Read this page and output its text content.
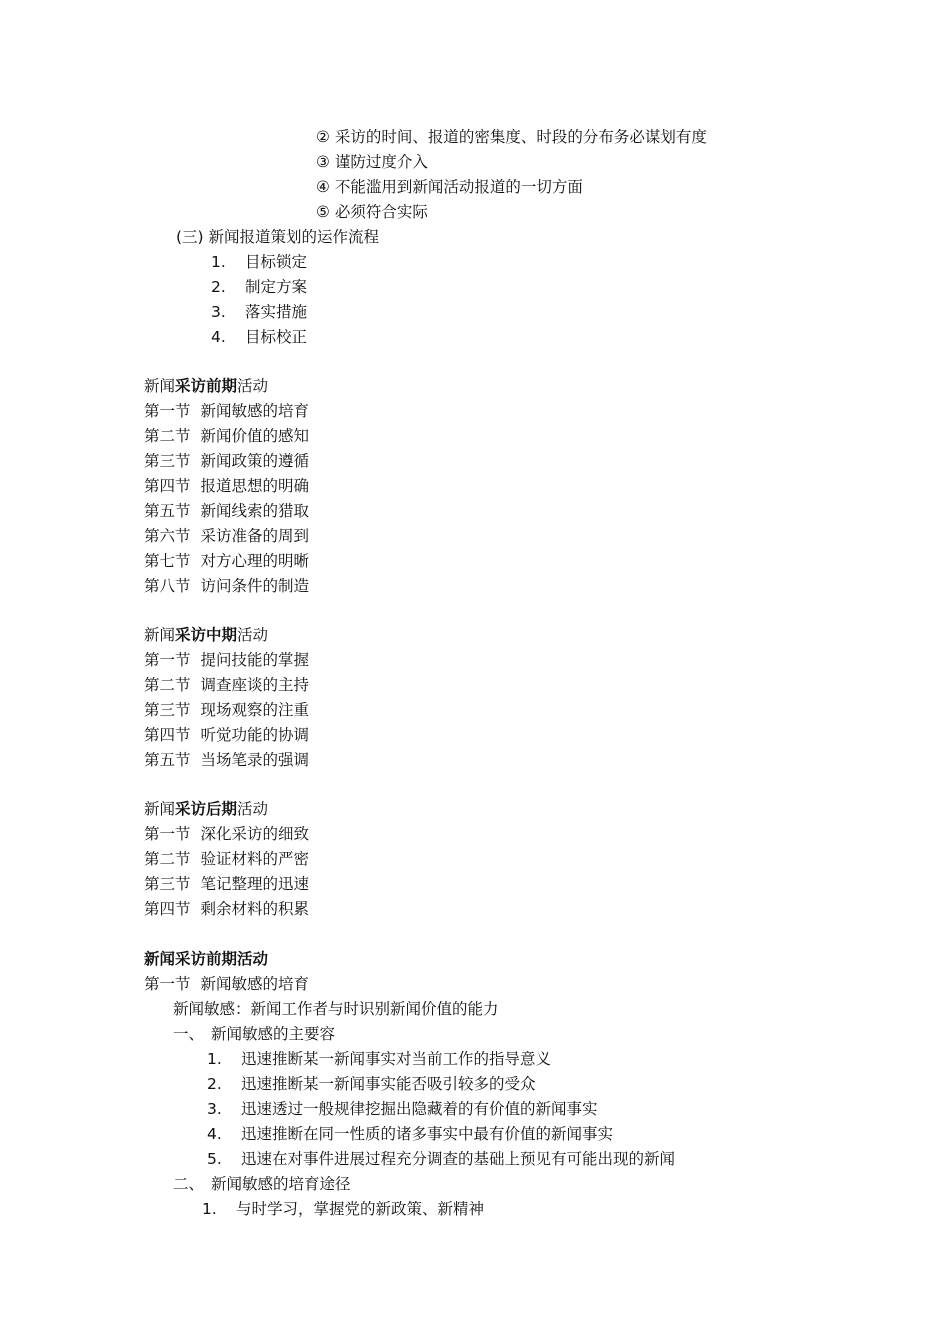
② 采访的时间、报道的密集度、时段的分布务必谋划有度
③ 谨防过度介入
④ 不能滥用到新闻活动报道的一切方面
⑤ 必须符合实际
(三) 新闻报道策划的运作流程
1. 目标锁定
2. 制定方案
3. 落实措施
4. 目标校正
新闻采访前期活动
第一节 新闻敏感的培育
第二节 新闻价值的感知
第三节 新闻政策的遵循
第四节 报道思想的明确
第五节 新闻线索的猎取
第六节 采访准备的周到
第七节 对方心理的明晰
第八节 访问条件的制造
新闻采访中期活动
第一节 提问技能的掌握
第二节 调查座谈的主持
第三节 现场观察的注重
第四节 听觉功能的协调
第五节 当场笔录的强调
新闻采访后期活动
第一节 深化采访的细致
第二节 验证材料的严密
第三节 笔记整理的迅速
第四节 剩余材料的积累
新闻采访前期活动
第一节 新闻敏感的培育
新闻敏感：新闻工作者与时识别新闻价值的能力
一、 新闻敏感的主要容
1. 迅速推断某一新闻事实对当前工作的指导意义
2. 迅速推断某一新闻事实能否吸引较多的受众
3. 迅速透过一般规律挖掘出隐藏着的有价值的新闻事实
4. 迅速推断在同一性质的诸多事实中最有价值的新闻事实
5. 迅速在对事件进展过程充分调查的基础上预见有可能出现的新闻
二、 新闻敏感的培育途径
1. 与时学习，掌握党的新政策、新精神
